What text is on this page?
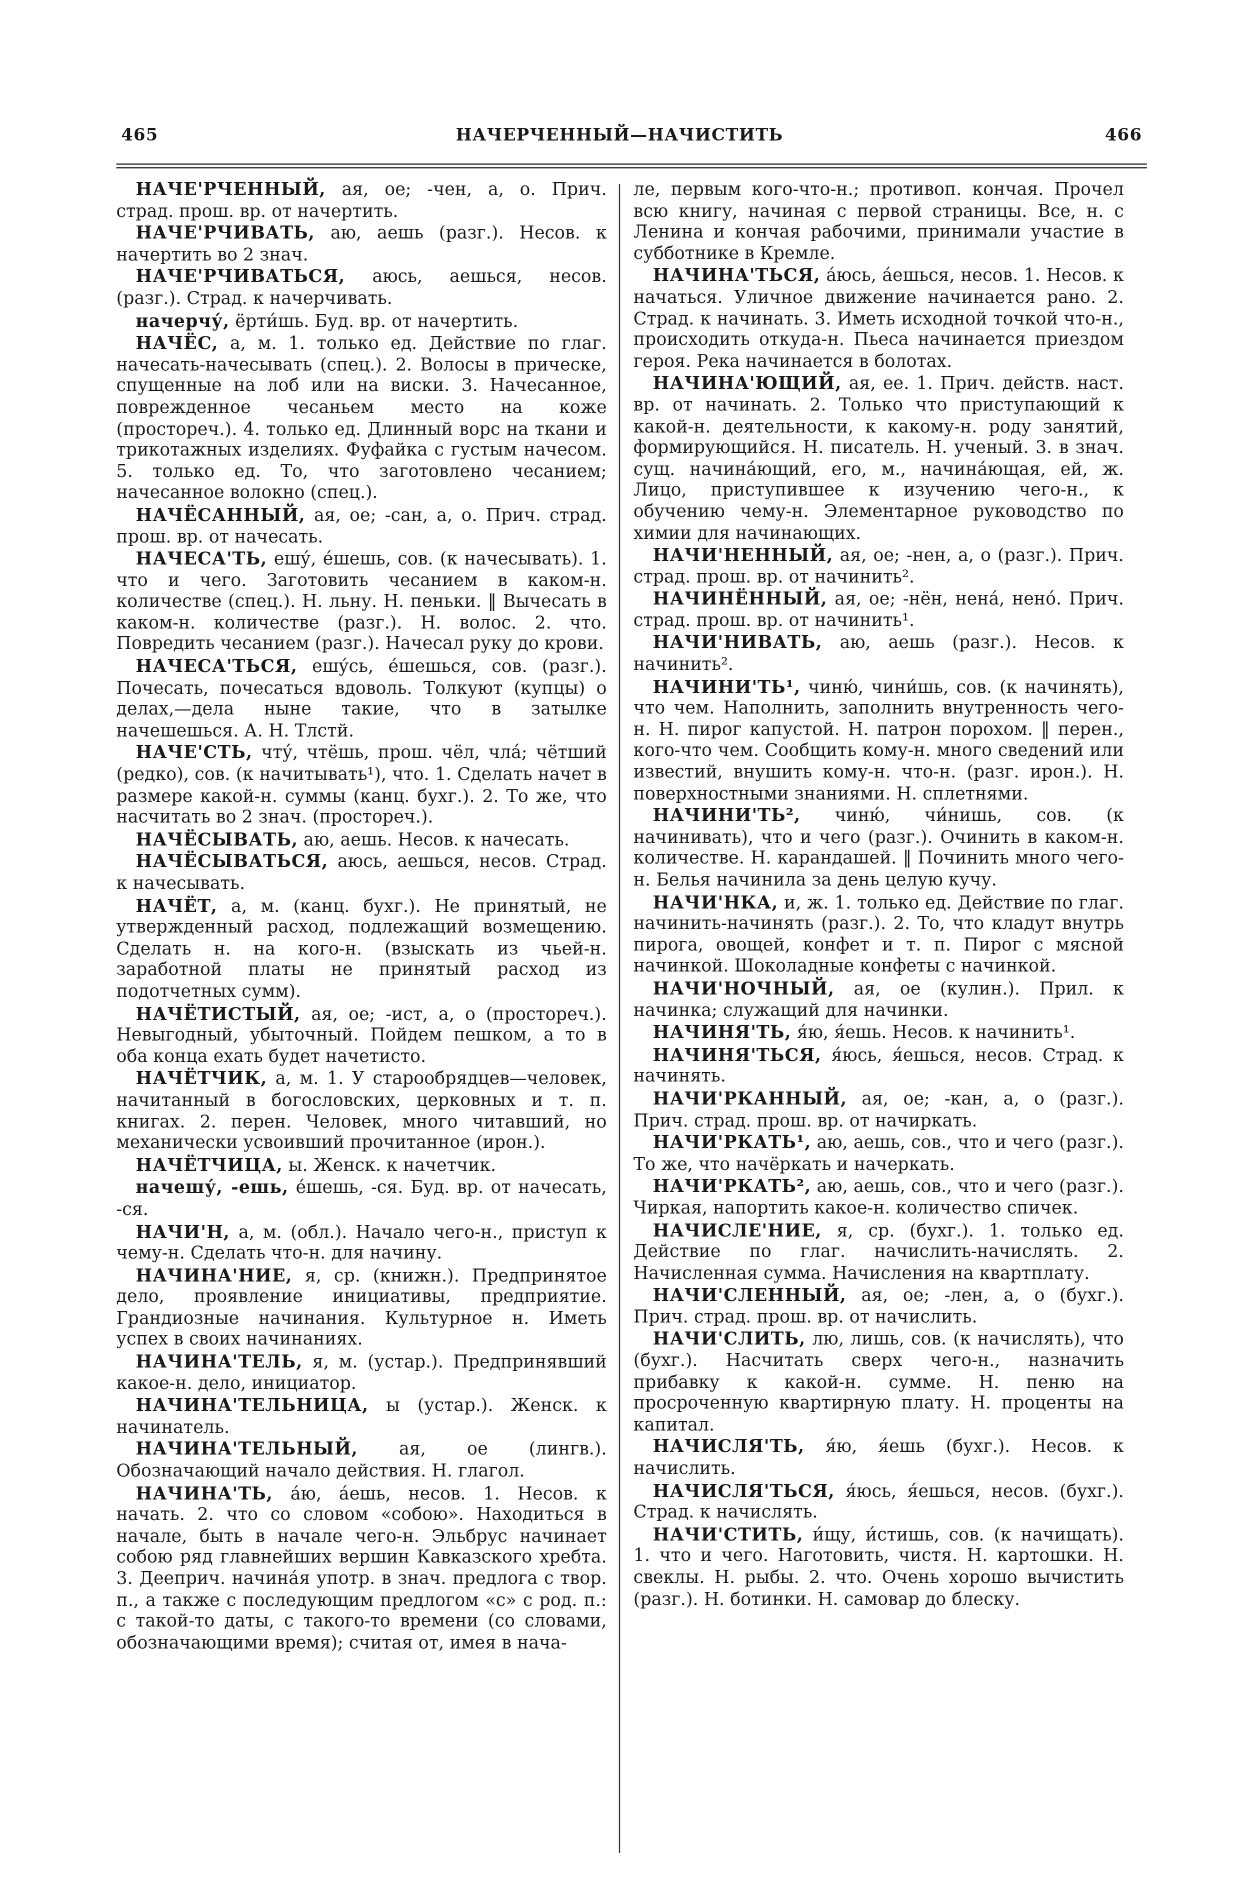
465	НАЧЕРЧЕННЫЙ—НАЧИСТИТЬ	466

НАЧЕ'РЧЕННЫЙ, ая, ое; -чен, а, о. Прич. страд. прош. вр. от начертить.

НАЧЕ'РЧИВАТЬ, аю, аешь (разг.). Несов. к начертить во 2 знач.

НАЧЕ'РЧИВАТЬСЯ, аюсь, аешься, несов. (разг.). Страд. к начерчивать.

начерчу́, ёрти́шь. Буд. вр. от начертить.

НАЧЁС, а, м. 1. только ед. Действие по глаг. начесать-начесывать (спец.). 2. Волосы в прическе, спущенные на лоб или на виски. 3. Начесанное, поврежденное чесаньем место на коже (простореч.). 4. только ед. Длинный ворс на ткани и трикотажных изделиях. Фуфайка с густым начесом. 5. только ед. То, что заготовлено чесанием; начесанное волокно (спец.).

НАЧЁСАННЫЙ, ая, ое; -сан, а, о. Прич. страд. прош. вр. от начесать.

НАЧЕСА'ТЬ, ешу́, е́шешь, сов. (к начесывать). 1. что и чего. Заготовить чесанием в каком-н. количестве (спец.). Н. льну. Н. пеньки. ‖ Вычесать в каком-н. количестве (разг.). Н. волос. 2. что. Повредить чесанием (разг.). Начесал руку до крови.

НАЧЕСА'ТЬСЯ, ешу́сь, е́шешься, сов. (разг.). Почесать, почесаться вдоволь. Толкуют (купцы) о делах,—дела ныне такие, что в затылке начешешься. А. Н. Тлстй.

НАЧЕ'СТЬ, чту́, чтёшь, прош. чёл, чла́; чётший (редко), сов. (к начитывать¹), что. 1. Сделать начет в размере какой-н. суммы (канц. бухг.). 2. То же, что насчитать во 2 знач. (простореч.).

НАЧЁСЫВАТЬ, аю, аешь. Несов. к начесать.

НАЧЁСЫВАТЬСЯ, аюсь, аешься, несов. Страд. к начесывать.

НАЧЁТ, а, м. (канц. бухг.). Не принятый, не утвержденный расход, подлежащий возмещению. Сделать н. на кого-н. (взыскать из чьей-н. заработной платы не принятый расход из подотчетных сумм).

НАЧЁТИСТЫЙ, ая, ое; -ист, а, о (простореч.). Невыгодный, убыточный. Пойдем пешком, а то в оба конца ехать будет начетисто.

НАЧЁТЧИК, а, м. 1. У старообрядцев—человек, начитанный в богословских, церковных и т. п. книгах. 2. перен. Человек, много читавший, но механически усвоивший прочитанное (ирон.).

НАЧЁТЧИЦА, ы. Женск. к начетчик.

начешу́, -ешь, е́шешь, -ся. Буд. вр. от начесать, -ся.

НАЧИ'Н, а, м. (обл.). Начало чего-н., приступ к чему-н. Сделать что-н. для начину.

НАЧИНА'НИЕ, я, ср. (книжн.). Предпринятое дело, проявление инициативы, предприятие. Грандиозные начинания. Культурное н. Иметь успех в своих начинаниях.

НАЧИНА'ТЕЛЬ, я, м. (устар.). Предпринявший какое-н. дело, инициатор.

НАЧИНА'ТЕЛЬНИЦА, ы (устар.). Женск. к начинатель.

НАЧИНА'ТЕЛЬНЫЙ, ая, ое (лингв.). Обозначающий начало действия. Н. глагол.

НАЧИНА'ТЬ, а́ю, а́ешь, несов. 1. Несов. к начать. 2. что со словом «собою». Находиться в начале, быть в начале чего-н. Эльбрус начинает собою ряд главнейших вершин Кавказского хребта. 3. Дееприч. начина́я употр. в знач. предлога с твор. п., а также с последующим предлогом «с» с род. п.: с такой-то даты, с такого-то времени (со словами, обозначающими время); считая от, имея в нача-

ле, первым кого-что-н.; противоп. кончая. Прочел всю книгу, начиная с первой страницы. Все, н. с Ленина и кончая рабочими, принимали участие в субботнике в Кремле.

НАЧИНА'ТЬСЯ, а́юсь, а́ешься, несов. 1. Несов. к начаться. Уличное движение начинается рано. 2. Страд. к начинать. 3. Иметь исходной точкой что-н., происходить откуда-н. Пьеса начинается приездом героя. Река начинается в болотах.

НАЧИНА'ЮЩИЙ, ая, ее. 1. Прич. действ. наст. вр. от начинать. 2. Только что приступающий к какой-н. деятельности, к какому-н. роду занятий, формирующийся. Н. писатель. Н. ученый. 3. в знач. сущ. начина́ющий, его, м., начина́ющая, ей, ж. Лицо, приступившее к изучению чего-н., к обучению чему-н. Элементарное руководство по химии для начинающих.

НАЧИ'НЕННЫЙ, ая, ое; -нен, а, о (разг.). Прич. страд. прош. вр. от начинить².

НАЧИНЁННЫЙ, ая, ое; -нён, нена́, нено́. Прич. страд. прош. вр. от начинить¹.

НАЧИ'НИВАТЬ, аю, аешь (разг.). Несов. к начинить².

НАЧИНИ'ТЬ¹, чиню́, чини́шь, сов. (к начинять), что чем. Наполнить, заполнить внутренность чего-н. Н. пирог капустой. Н. патрон порохом. ‖ перен., кого-что чем. Сообщить кому-н. много сведений или известий, внушить кому-н. что-н. (разг. ирон.). Н. поверхностными знаниями. Н. сплетнями.

НАЧИНИ'ТЬ², чиню́, чи́нишь, сов. (к начинивать), что и чего (разг.). Очинить в каком-н. количестве. Н. карандашей. ‖ Починить много чего-н. Белья начинила за день целую кучу.

НАЧИ'НКА, и, ж. 1. только ед. Действие по глаг. начинить-начинять (разг.). 2. То, что кладут внутрь пирога, овощей, конфет и т. п. Пирог с мясной начинкой. Шоколадные конфеты с начинкой.

НАЧИ'НОЧНЫЙ, ая, ое (кулин.). Прил. к начинка; служащий для начинки.

НАЧИНЯ'ТЬ, я́ю, я́ешь. Несов. к начинить¹.

НАЧИНЯ'ТЬСЯ, я́юсь, я́ешься, несов. Страд. к начинять.

НАЧИ'РКАННЫЙ, ая, ое; -кан, а, о (разг.). Прич. страд. прош. вр. от начиркать.

НАЧИ'РКАТЬ¹, аю, аешь, сов., что и чего (разг.). То же, что начёркать и начеркать.

НАЧИ'РКАТЬ², аю, аешь, сов., что и чего (разг.). Чиркая, напортить какое-н. количество спичек.

НАЧИСЛЕ'НИЕ, я, ср. (бухг.). 1. только ед. Действие по глаг. начислить-начислять. 2. Начисленная сумма. Начисления на квартплату.

НАЧИ'СЛЕННЫЙ, ая, ое; -лен, а, о (бухг.). Прич. страд. прош. вр. от начислить.

НАЧИ'СЛИТЬ, лю, лишь, сов. (к начислять), что (бухг.). Насчитать сверх чего-н., назначить прибавку к какой-н. сумме. Н. пеню на просроченную квартирную плату. Н. проценты на капитал.

НАЧИСЛЯ'ТЬ, я́ю, я́ешь (бухг.). Несов. к начислить.

НАЧИСЛЯ'ТЬСЯ, я́юсь, я́ешься, несов. (бухг.). Страд. к начислять.

НАЧИ'СТИТЬ, и́щу, и́стишь, сов. (к начищать). 1. что и чего. Наготовить, чистя. Н. картошки. Н. свеклы. Н. рыбы. 2. что. Очень хорошо вычистить (разг.). Н. ботинки. Н. самовар до блеску.
